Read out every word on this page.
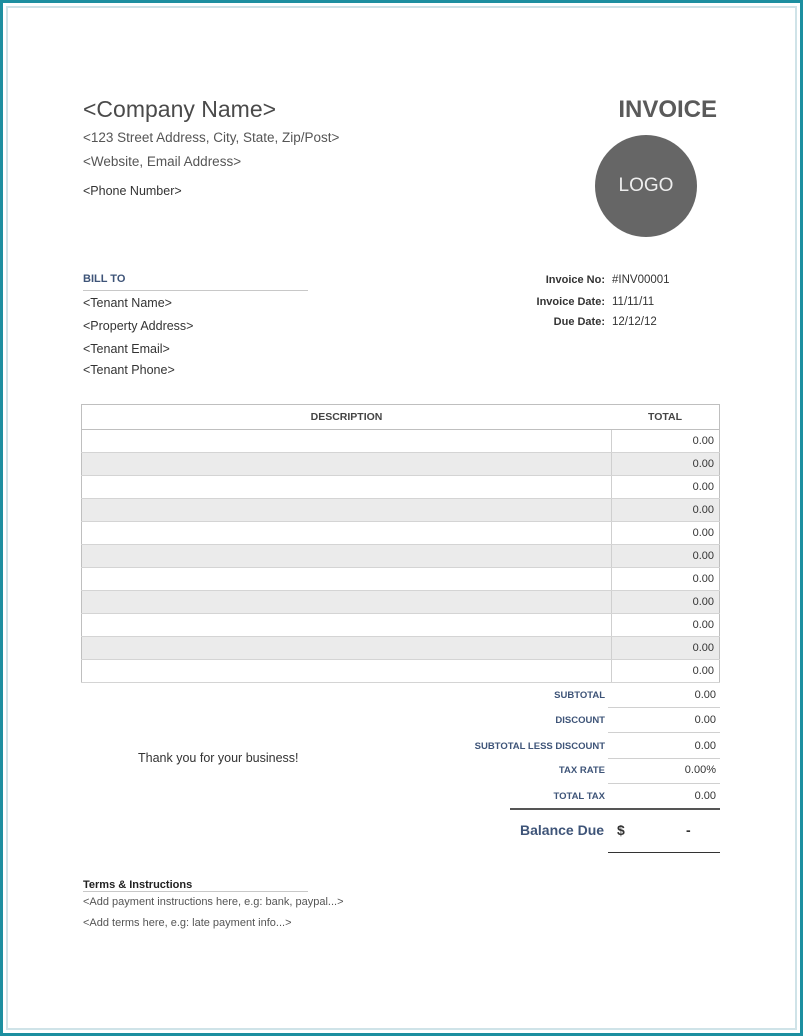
<Company Name>
<123 Street Address, City, State, Zip/Post>
<Website, Email Address>
<Phone Number>
INVOICE
LOGO
BILL TO
<Tenant Name>
<Property Address>
<Tenant Email>
<Tenant Phone>
Invoice No: #INV00001
Invoice Date: 11/11/11
Due Date: 12/12/12
DESCRIPTION	TOTAL
	0.00
	0.00
	0.00
	0.00
	0.00
	0.00
	0.00
	0.00
	0.00
	0.00
	0.00
SUBTOTAL	0.00
DISCOUNT	0.00
SUBTOTAL LESS DISCOUNT	0.00
TAX RATE	0.00%
TOTAL TAX	0.00
Thank you for your business!
Balance Due $	-
Terms & Instructions
<Add payment instructions here, e.g: bank, paypal...>
<Add terms here, e.g: late payment info...>
